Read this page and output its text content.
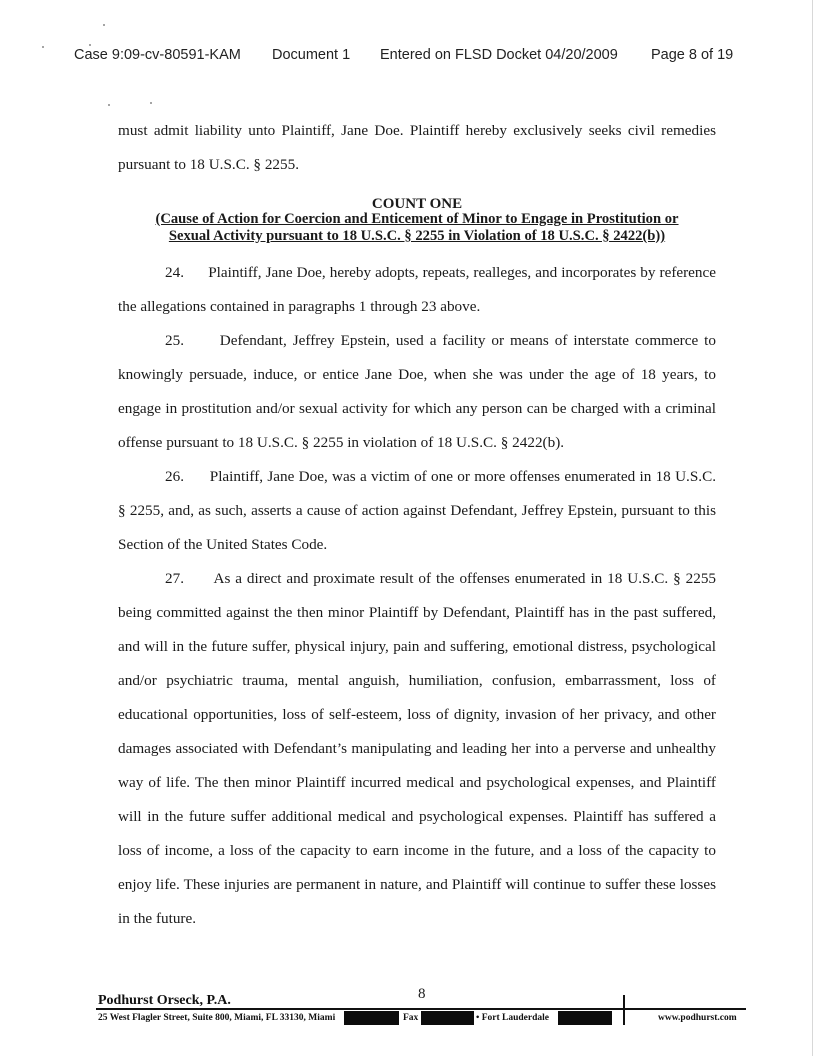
Case 9:09-cv-80591-KAM	Document 1	Entered on FLSD Docket 04/20/2009	Page 8 of 19

must admit liability unto Plaintiff, Jane Doe. Plaintiff hereby exclusively seeks civil remedies

pursuant to 18 U.S.C. § 2255.

COUNT ONE
(Cause of Action for Coercion and Enticement of Minor to Engage in Prostitution or
Sexual Activity pursuant to 18 U.S.C. § 2255 in Violation of 18 U.S.C. § 2422(b))

24. Plaintiff, Jane Doe, hereby adopts, repeats, realleges, and incorporates by reference the allegations contained in paragraphs 1 through 23 above.

25. Defendant, Jeffrey Epstein, used a facility or means of interstate commerce to knowingly persuade, induce, or entice Jane Doe, when she was under the age of 18 years, to engage in prostitution and/or sexual activity for which any person can be charged with a criminal offense pursuant to 18 U.S.C. § 2255 in violation of 18 U.S.C. § 2422(b).

26. Plaintiff, Jane Doe, was a victim of one or more offenses enumerated in 18 U.S.C. § 2255, and, as such, asserts a cause of action against Defendant, Jeffrey Epstein, pursuant to this Section of the United States Code.

27. As a direct and proximate result of the offenses enumerated in 18 U.S.C. § 2255 being committed against the then minor Plaintiff by Defendant, Plaintiff has in the past suffered, and will in the future suffer, physical injury, pain and suffering, emotional distress, psychological and/or psychiatric trauma, mental anguish, humiliation, confusion, embarrassment, loss of educational opportunities, loss of self-esteem, loss of dignity, invasion of her privacy, and other damages associated with Defendant’s manipulating and leading her into a perverse and unhealthy way of life. The then minor Plaintiff incurred medical and psychological expenses, and Plaintiff will in the future suffer additional medical and psychological expenses. Plaintiff has suffered a loss of income, a loss of the capacity to earn income in the future, and a loss of the capacity to enjoy life. These injuries are permanent in nature, and Plaintiff will continue to suffer these losses in the future.

Podhurst Orseck, P.A.	8
25 West Flagler Street, Suite 800, Miami, FL 33130, Miami	Fax	• Fort Lauderdale	www.podhurst.com
